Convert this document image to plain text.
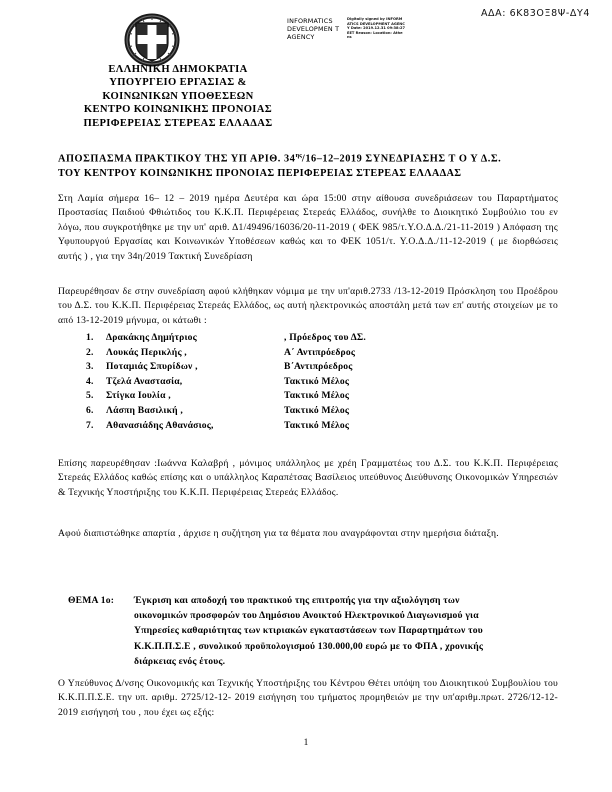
ΑΔΑ: 6Κ83ΟΞ8Ψ-ΔΥ4
INFORMATICS DEVELOPMEN T AGENCY
Digitally signed by INFORMATICS DEVELOPMENT AGENCY Date: 2019.12.31 09:38:27 EET Reason: Location: Athens
ΕΛΛΗΝΙΚΗ ΔΗΜΟΚΡΑΤΙΑ
ΥΠΟΥΡΓΕΙΟ ΕΡΓΑΣΙΑΣ &
ΚΟΙΝΩΝΙΚΩΝ ΥΠΟΘΕΣΕΩΝ
ΚΕΝΤΡΟ ΚΟΙΝΩΝΙΚΗΣ ΠΡΟΝΟΙΑΣ
ΠΕΡΙΦΕΡΕΙΑΣ ΣΤΕΡΕΑΣ ΕΛΛΑΔΑΣ
ΑΠΟΣΠΑΣΜΑ ΠΡΑΚΤΙΚΟΥ ΤΗΣ ΥΠ ΑΡΙΘ. $34^{\eta\varsigma}/16-12-2019$ ΣΥΝΕΔΡΙΑΣΗΣ Τ Ο Υ Δ.Σ.
ΤΟΥ ΚΕΝΤΡΟΥ ΚΟΙΝΩΝΙΚΗΣ ΠΡΟΝΟΙΑΣ ΠΕΡΙΦΕΡΕΙΑΣ ΣΤΕΡΕΑΣ ΕΛΛΑΔΑΣ
Στη Λαμία σήμερα 16– 12 – 2019 ημέρα Δευτέρα και ώρα 15:00 στην αίθουσα συνεδριάσεων του Παραρτήματος Προστασίας Παιδιού Φθιώτιδος του Κ.Κ.Π. Περιφέρειας Στερεάς Ελλάδος, συνήλθε το Διοικητικό Συμβούλιο του εν λόγω, που συγκροτήθηκε με την υπ' αριθ. Δ1/49496/16036/20-11-2019 ( ΦΕΚ 985/τ.Υ.Ο.Δ.Δ./21-11-2019 ) Απόφαση της Υφυπουργού Εργασίας και Κοινωνικών Υποθέσεων καθώς και το ΦΕΚ 1051/τ. Υ.Ο.Δ.Δ./11-12-2019 ( με διορθώσεις αυτής ) , για την 34η/2019 Τακτική Συνεδρίαση
Παρευρέθησαν δε στην συνεδρίαση αφού κλήθηκαν νόμιμα με την υπ'αριθ.2733 /13-12-2019 Πρόσκληση του Προέδρου του Δ.Σ. του Κ.Κ.Π. Περιφέρειας Στερεάς Ελλάδος, ως αυτή ηλεκτρονικώς αποστάλη μετά των επ' αυτής στοιχείων με το από 13-12-2019 μήνυμα, οι κάτωθι :
1.	Δρακάκης Δημήτριος	, Πρόεδρος του ΔΣ.
2.	Λουκάς Περικλής ,	Α΄ Αντιπρόεδρος
3.	Ποταμιάς Σπυρίδων ,	Β΄Αντιπρόεδρος
4.	Τζελά Αναστασία,	Τακτικό Μέλος
5.	Στίγκα Ιουλία ,	Τακτικό Μέλος
6.	Λάσπη Βασιλική ,	Τακτικό Μέλος
7.	Αθανασιάδης Αθανάσιος,	Τακτικό Μέλος
Επίσης παρευρέθησαν :Ιωάννα Καλαβρή , μόνιμος υπάλληλος με χρέη Γραμματέως του Δ.Σ. του Κ.Κ.Π. Περιφέρειας Στερεάς Ελλάδος καθώς επίσης και ο υπάλληλος Καραπέτσας Βασίλειος υπεύθυνος Διεύθυνσης Οικονομικών Υπηρεσιών & Τεχνικής Υποστήριξης του Κ.Κ.Π. Περιφέρειας Στερεάς Ελλάδος.
Αφού διαπιστώθηκε απαρτία , άρχισε η συζήτηση για τα θέματα που αναγράφονται στην ημερήσια διάταξη.
ΘΕΜΑ 1ο:	Έγκριση και αποδοχή του πρακτικού της επιτροπής για την αξιολόγηση των
οικονομικών προσφορών του Δημόσιου Ανοικτού Ηλεκτρονικού Διαγωνισμού για
Υπηρεσίες καθαριότητας των κτιριακών εγκαταστάσεων των Παραρτημάτων του
Κ.Κ.Π.Π.Σ.Ε , συνολικού προϋπολογισμού 130.000,00 ευρώ με το ΦΠΑ , χρονικής
διάρκειας ενός έτους.
Ο Υπεύθυνος Δ/νσης Οικονομικής και Τεχνικής Υποστήριξης του Κέντρου Θέτει υπόψη του Διοικητικού Συμβουλίου του Κ.Κ.Π.Π.Σ.Ε. την υπ. αριθμ. 2725/12-12- 2019 εισήγηση του τμήματος προμηθειών με την υπ'αριθμ.πρωτ. 2726/12-12-2019 εισήγησή του , που έχει ως εξής:
1
